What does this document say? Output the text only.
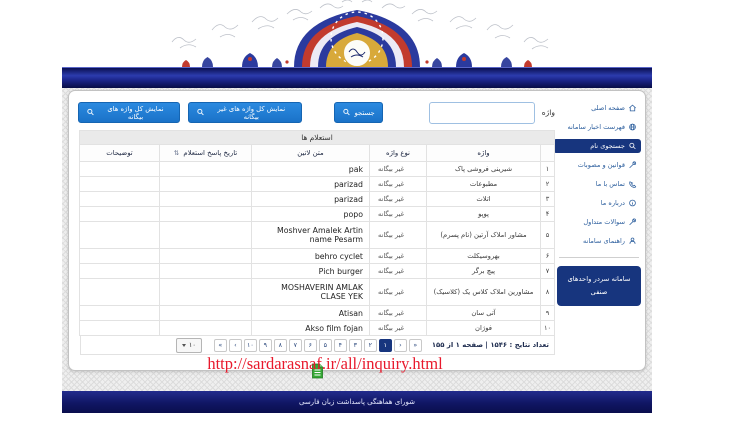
صفحه اصلی
فهرست اخبار سامانه
جستجوی نام
قوانین و مصوبات
تماس با ما
درباره ما
سوالات متداول
راهنمای سامانه
سامانه سردر واحدهای صنفی
واژه
جستجو
نمایش کل واژه های غیر بیگانه
نمایش کل واژه های بیگانه
استعلام ها					
	واژه	نوع واژه	متن لاتین	تاریخ پاسخ استعلام ⇅	توضیحات
۱	شیرینی فروشی پاک	غیر بیگانه	pak		
۲	مطبوعات	غیر بیگانه	parizad		
۳	اتلات	غیر بیگانه	parizad		
۴	پوپو	غیر بیگانه	popo		
۵	مشاور املاک آرتین (نام پسرم)	غیر بیگانه	Moshver Amalek Artin name Pesarm		
۶	بهروسیکلت	غیر بیگانه	behro cyclet		
۷	پیچ برگر	غیر بیگانه	Pich burger		
۸	مشاورین املاک کلاس یک (کلاسیک)	غیر بیگانه	MOSHAVERIN AMLAK CLASE YEK		
۹	آتی سان	غیر بیگانه	Atisan		
۱۰	فوژان	غیر بیگانه	Akso film fojan		
تعداد نتایج : ۱۵۴۶ | صفحه ۱ از ۱۵۵
«
‹
۱
۲
۳
۴
۵
۶
۷
۸
۹
۱۰
›
»
۱۰
http://sardarasnaf.ir/all/inquiry.html
شورای هماهنگی پاسداشت زبان فارسی
